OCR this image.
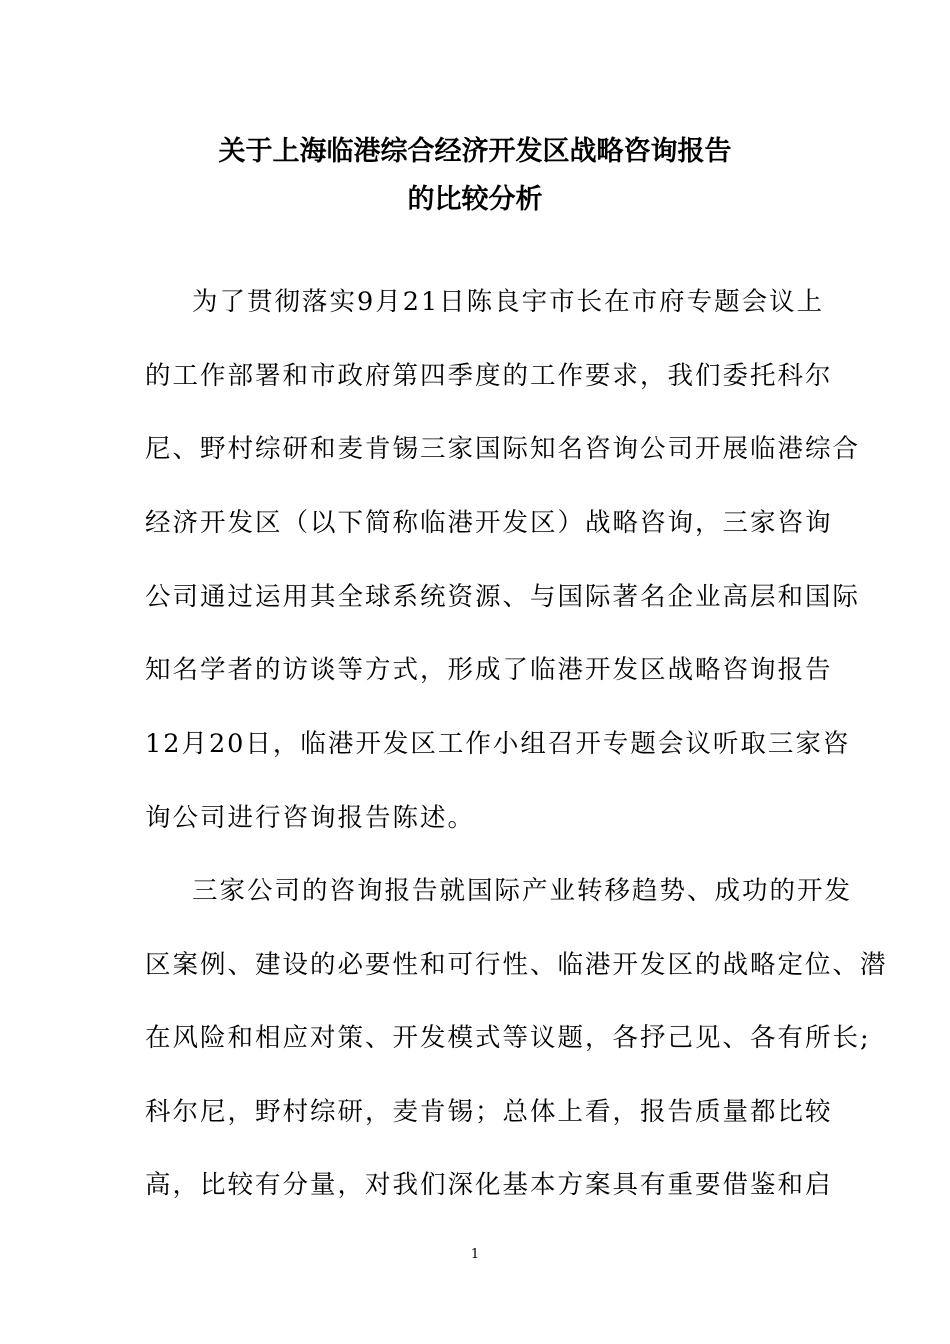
关于上海临港综合经济开发区战略咨询报告
的比较分析
为了贯彻落实9月21日陈良宇市长在市府专题会议上
的工作部署和市政府第四季度的工作要求，我们委托科尔
尼、野村综研和麦肯锡三家国际知名咨询公司开展临港综合
经济开发区（以下简称临港开发区）战略咨询，三家咨询
公司通过运用其全球系统资源、与国际著名企业高层和国际
知名学者的访谈等方式，形成了临港开发区战略咨询报告
12月20日，临港开发区工作小组召开专题会议听取三家咨
询公司进行咨询报告陈述。
三家公司的咨询报告就国际产业转移趋势、成功的开发
区案例、建设的必要性和可行性、临港开发区的战略定位、潜
在风险和相应对策、开发模式等议题，各抒己见、各有所长;
科尔尼，野村综研，麦肯锡；总体上看，报告质量都比较
高，比较有分量，对我们深化基本方案具有重要借鉴和启
1
